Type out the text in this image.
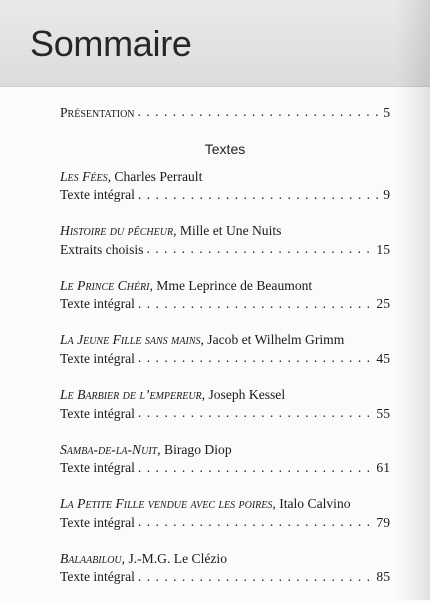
Sommaire
Présentation . . .	5
Textes
Les Fées, Charles Perrault
Texte intégral . . .	9
Histoire du pêcheur, Mille et Une Nuits
Extraits choisis . . .	15
Le Prince Chéri, Mme Leprince de Beaumont
Texte intégral . . .	25
La Jeune Fille sans mains, Jacob et Wilhelm Grimm
Texte intégral . . .	45
Le Barbier de l’empereur, Joseph Kessel
Texte intégral . . .	55
Samba-de-la-Nuit, Birago Diop
Texte intégral . . .	61
La Petite Fille vendue avec les poires, Italo Calvino
Texte intégral . . .	79
Balaabilou, J.-M.G. Le Clézio
Texte intégral . . .	85
